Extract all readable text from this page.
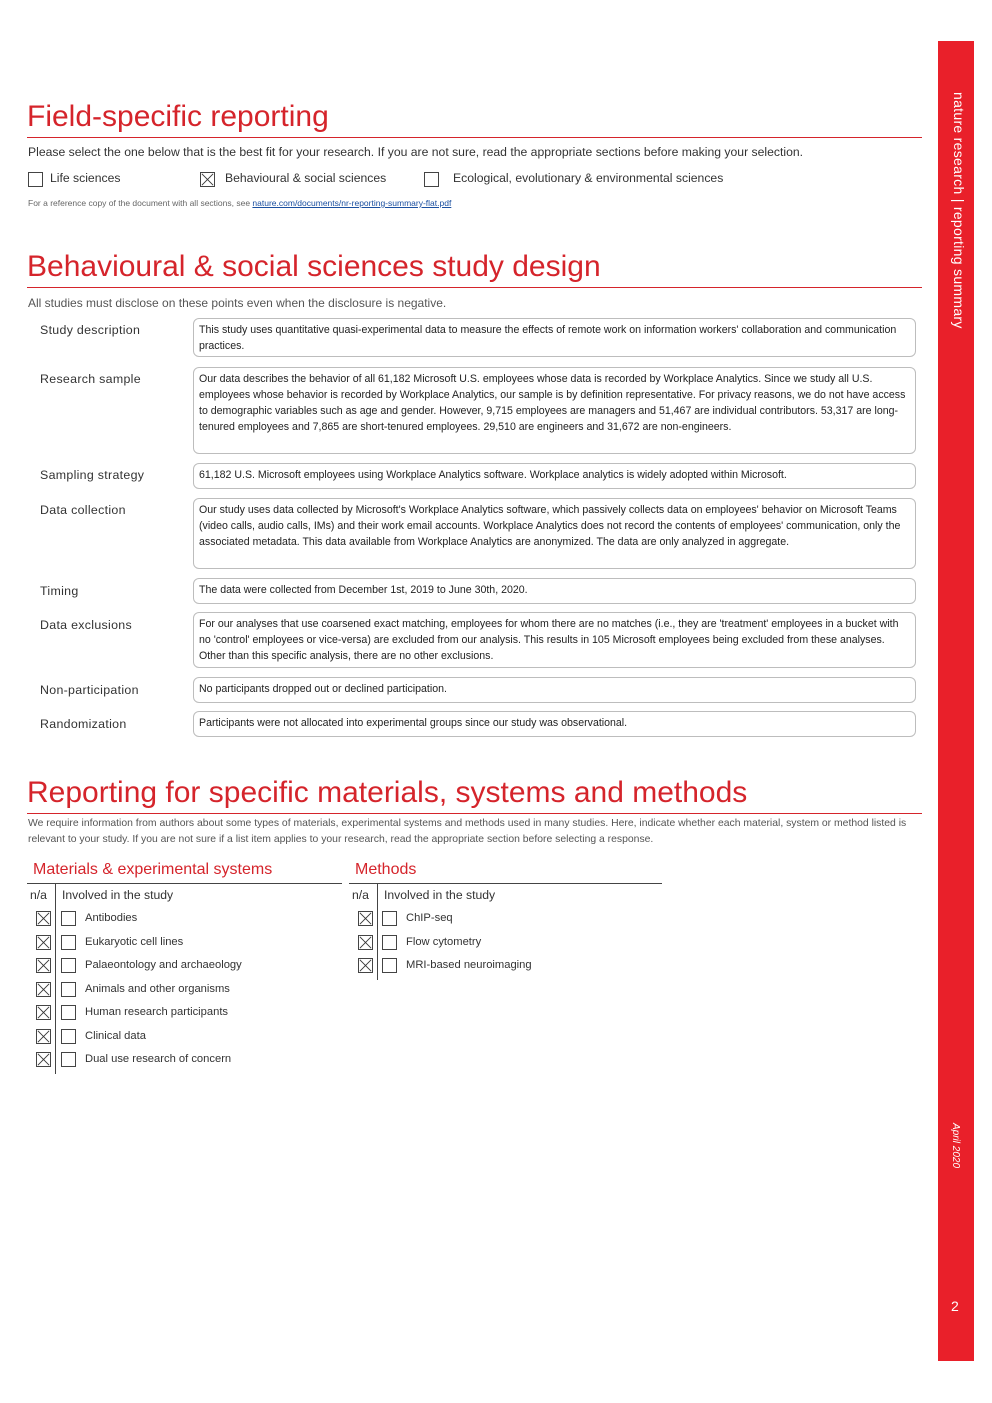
nature research | reporting summary
April 2020
2
Field-specific reporting
Please select the one below that is the best fit for your research. If you are not sure, read the appropriate sections before making your selection.
Life sciences	Behavioural & social sciences	Ecological, evolutionary & environmental sciences
For a reference copy of the document with all sections, see nature.com/documents/nr-reporting-summary-flat.pdf
Behavioural & social sciences study design
All studies must disclose on these points even when the disclosure is negative.
Study description	This study uses quantitative quasi-experimental data to measure the effects of remote work on information workers' collaboration and communication practices.
Research sample	Our data describes the behavior of all 61,182 Microsoft U.S. employees whose data is recorded by Workplace Analytics. Since we study all U.S. employees whose behavior is recorded by Workplace Analytics, our sample is by definition representative. For privacy reasons, we do not have access to demographic variables such as age and gender. However, 9,715 employees are managers and 51,467 are individual contributors. 53,317 are long-tenured employees and 7,865 are short-tenured employees. 29,510 are engineers and 31,672 are non-engineers.
Sampling strategy	61,182 U.S. Microsoft employees using Workplace Analytics software. Workplace analytics is widely adopted within Microsoft.
Data collection	Our study uses data collected by Microsoft's Workplace Analytics software, which passively collects data on employees' behavior on Microsoft Teams (video calls, audio calls, IMs) and their work email accounts. Workplace Analytics does not record the contents of employees' communication, only the associated metadata. This data available from Workplace Analytics are anonymized. The data are only analyzed in aggregate.
Timing	The data were collected from December 1st, 2019 to June 30th, 2020.
Data exclusions	For our analyses that use coarsened exact matching, employees for whom there are no matches (i.e., they are 'treatment' employees in a bucket with no 'control' employees or vice-versa) are excluded from our analysis. This results in 105 Microsoft employees being excluded from these analyses. Other than this specific analysis, there are no other exclusions.
Non-participation	No participants dropped out or declined participation.
Randomization	Participants were not allocated into experimental groups since our study was observational.
Reporting for specific materials, systems and methods
We require information from authors about some types of materials, experimental systems and methods used in many studies. Here, indicate whether each material, system or method listed is relevant to your study. If you are not sure if a list item applies to your research, read the appropriate section before selecting a response.
Materials & experimental systems
n/a Involved in the study
Antibodies
Eukaryotic cell lines
Palaeontology and archaeology
Animals and other organisms
Human research participants
Clinical data
Dual use research of concern
Methods
n/a Involved in the study
ChIP-seq
Flow cytometry
MRI-based neuroimaging
